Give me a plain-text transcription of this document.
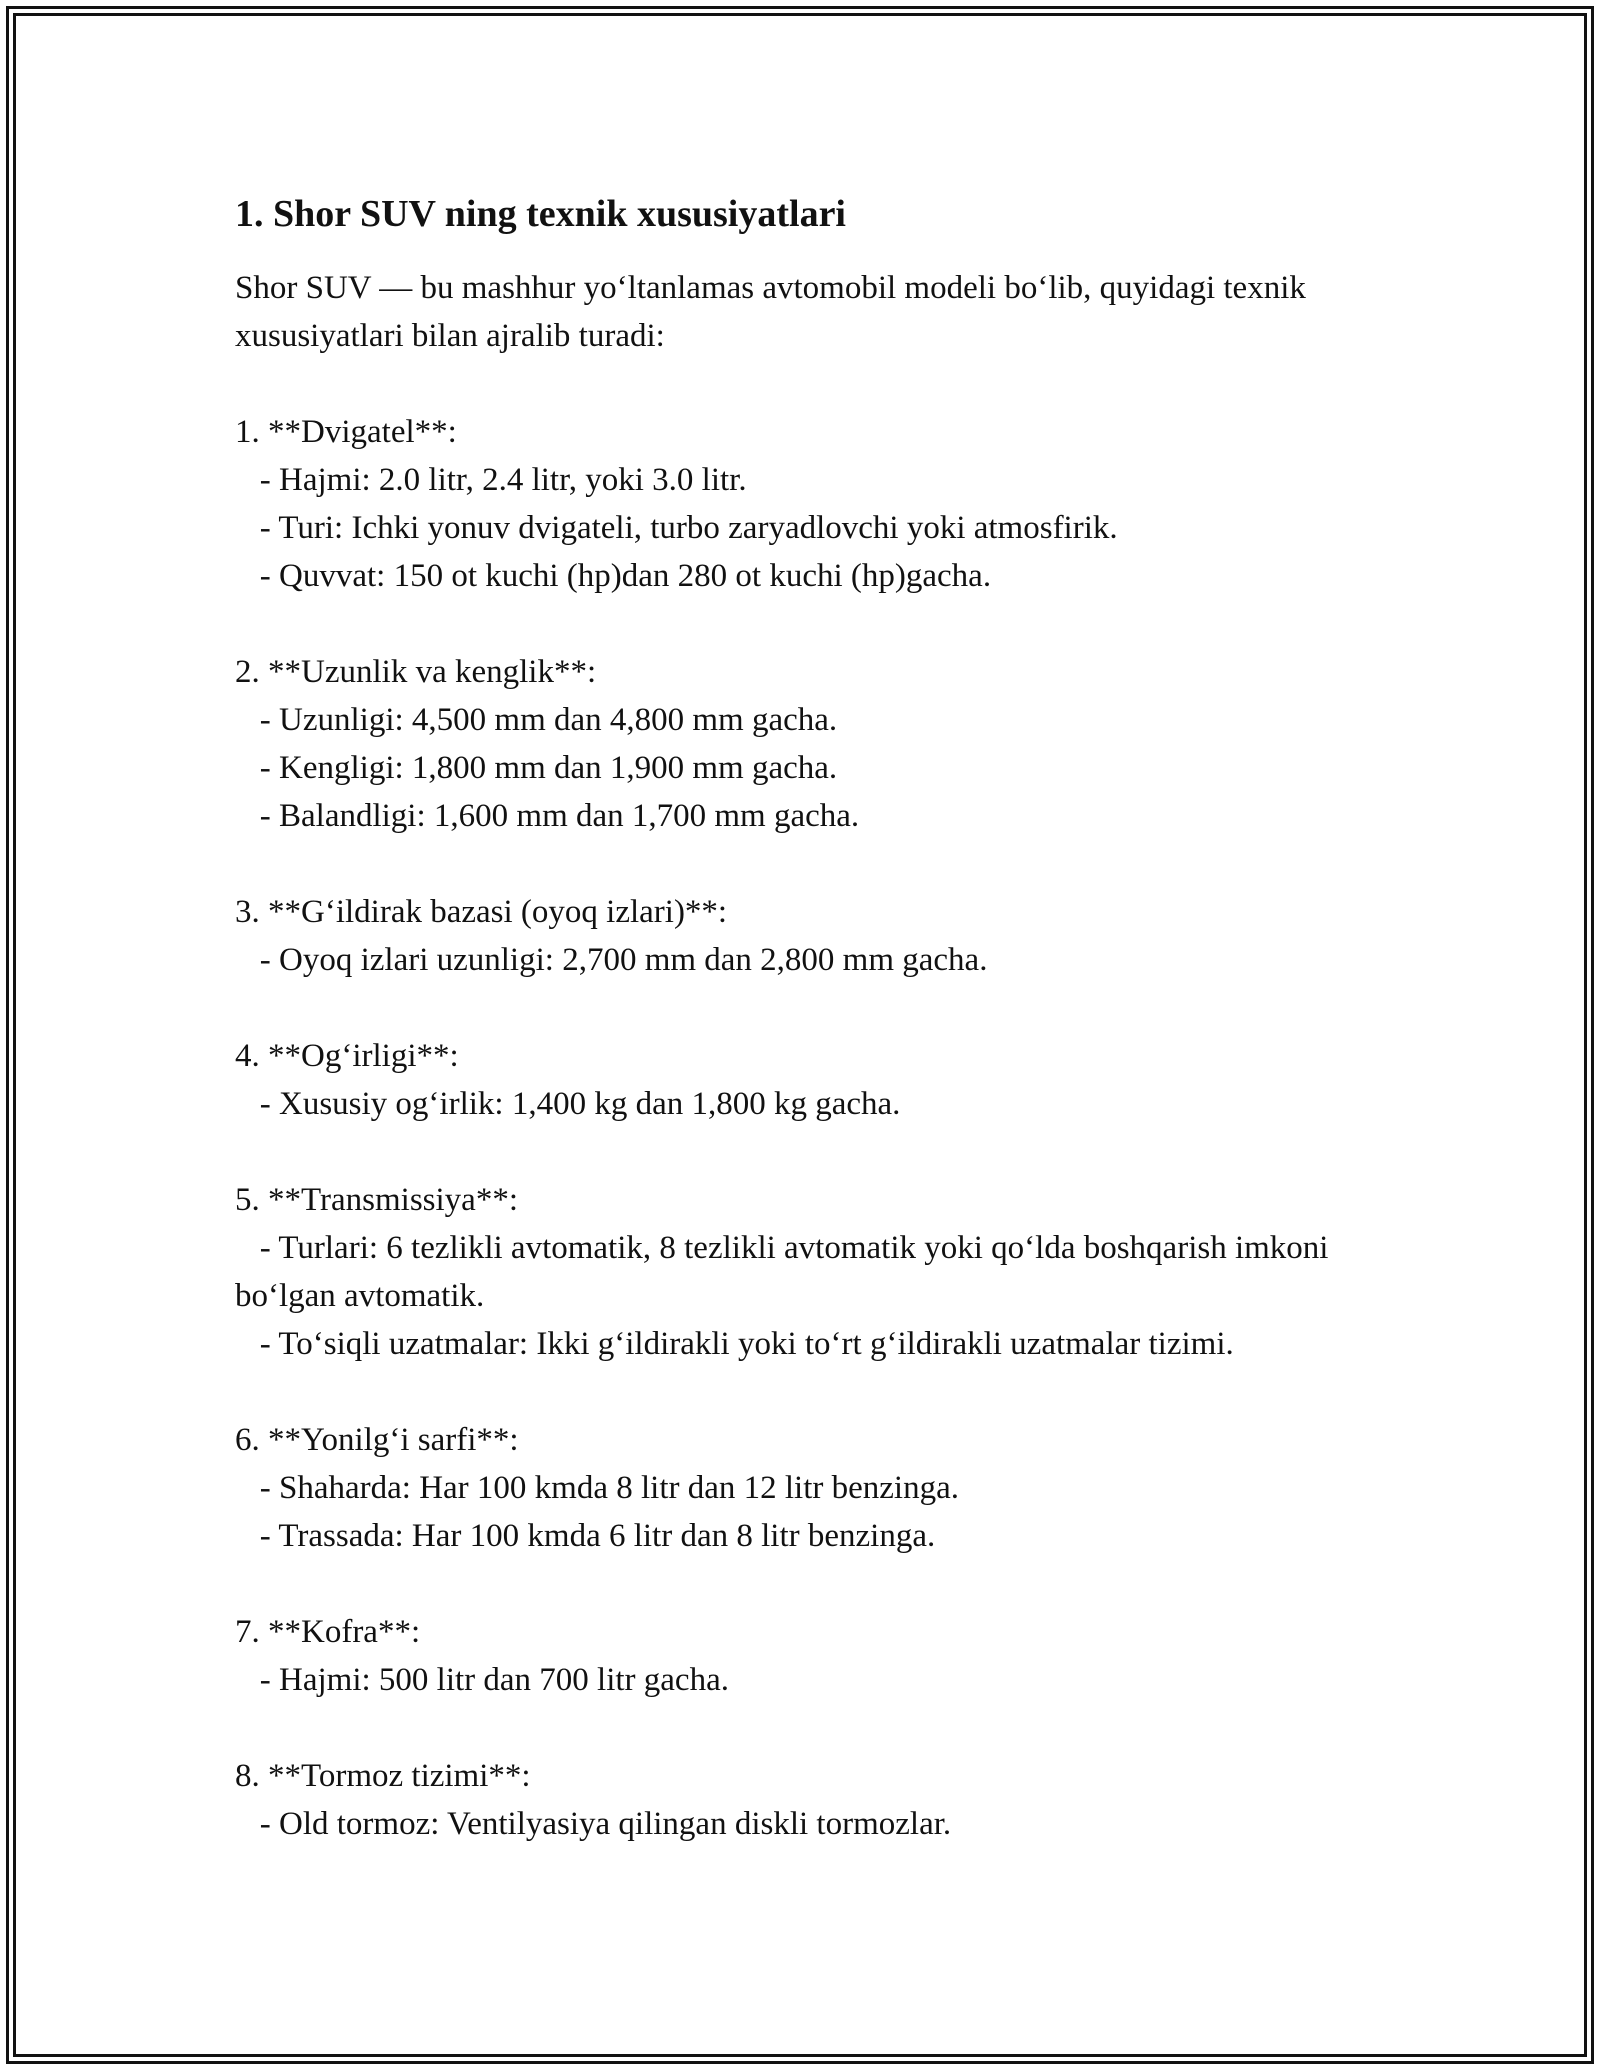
1. Shor SUV ning texnik xususiyatlari

Shor SUV — bu mashhur yo‘ltanlamas avtomobil modeli bo‘lib, quyidagi texnik xususiyatlari bilan ajralib turadi:

1. **Dvigatel**:
- Hajmi: 2.0 litr, 2.4 litr, yoki 3.0 litr.
- Turi: Ichki yonuv dvigateli, turbo zaryadlovchi yoki atmosfirik.
- Quvvat: 150 ot kuchi (hp)dan 280 ot kuchi (hp)gacha.
2. **Uzunlik va kenglik**:
- Uzunligi: 4,500 mm dan 4,800 mm gacha.
- Kengligi: 1,800 mm dan 1,900 mm gacha.
- Balandligi: 1,600 mm dan 1,700 mm gacha.
3. **G‘ildirak bazasi (oyoq izlari)**:
- Oyoq izlari uzunligi: 2,700 mm dan 2,800 mm gacha.
4. **Og‘irligi**:
- Xususiy og‘irlik: 1,400 kg dan 1,800 kg gacha.
5. **Transmissiya**:
- Turlari: 6 tezlikli avtomatik, 8 tezlikli avtomatik yoki qo‘lda boshqarish imkoni bo‘lgan avtomatik.
- To‘siqli uzatmalar: Ikki g‘ildirakli yoki to‘rt g‘ildirakli uzatmalar tizimi.
6. **Yonilg‘i sarfi**:
- Shaharda: Har 100 kmda 8 litr dan 12 litr benzinga.
- Trassada: Har 100 kmda 6 litr dan 8 litr benzinga.
7. **Kofra**:
- Hajmi: 500 litr dan 700 litr gacha.
8. **Tormoz tizimi**:
- Old tormoz: Ventilyasiya qilingan diskli tormozlar.
